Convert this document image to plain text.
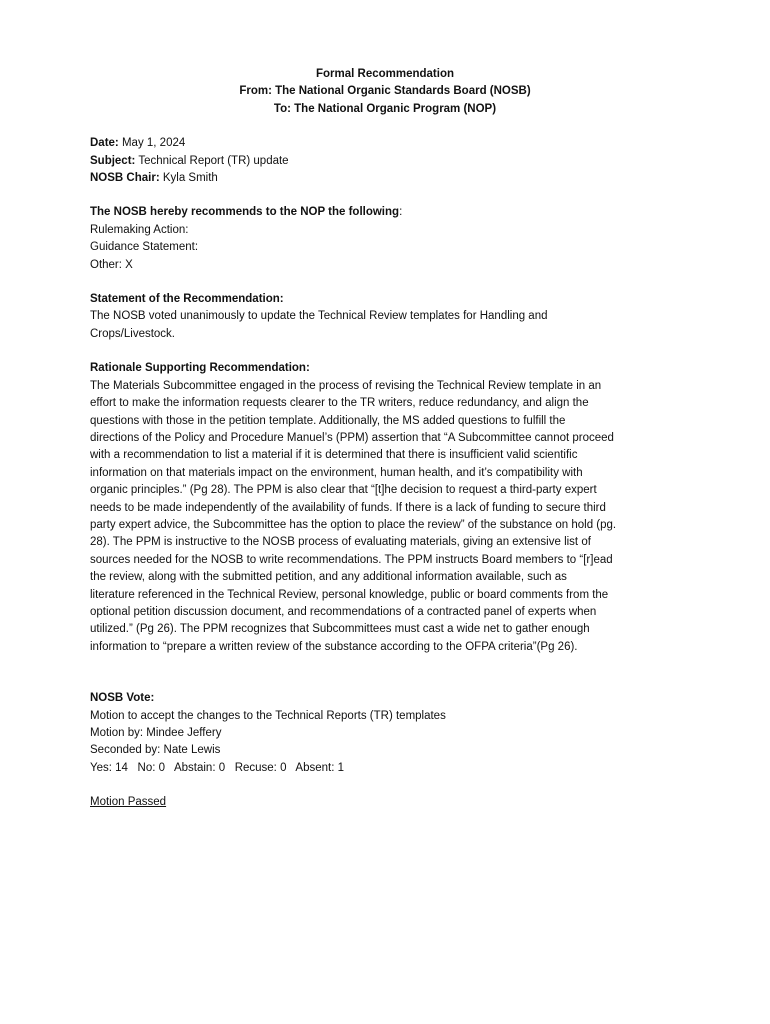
Formal Recommendation
From: The National Organic Standards Board (NOSB)
To: The National Organic Program (NOP)
Date: May 1, 2024
Subject: Technical Report (TR) update
NOSB Chair: Kyla Smith
The NOSB hereby recommends to the NOP the following:
Rulemaking Action:
Guidance Statement:
Other: X
Statement of the Recommendation:
The NOSB voted unanimously to update the Technical Review templates for Handling and
Crops/Livestock.
Rationale Supporting Recommendation:
The Materials Subcommittee engaged in the process of revising the Technical Review template in an
effort to make the information requests clearer to the TR writers, reduce redundancy, and align the
questions with those in the petition template. Additionally, the MS added questions to fulfill the
directions of the Policy and Procedure Manuel’s (PPM) assertion that “A Subcommittee cannot proceed
with a recommendation to list a material if it is determined that there is insufficient valid scientific
information on that materials impact on the environment, human health, and it’s compatibility with
organic principles.” (Pg 28). The PPM is also clear that “[t]he decision to request a third-party expert
needs to be made independently of the availability of funds. If there is a lack of funding to secure third
party expert advice, the Subcommittee has the option to place the review” of the substance on hold (pg.
28). The PPM is instructive to the NOSB process of evaluating materials, giving an extensive list of
sources needed for the NOSB to write recommendations. The PPM instructs Board members to “[r]ead
the review, along with the submitted petition, and any additional information available, such as
literature referenced in the Technical Review, personal knowledge, public or board comments from the
optional petition discussion document, and recommendations of a contracted panel of experts when
utilized.” (Pg 26). The PPM recognizes that Subcommittees must cast a wide net to gather enough
information to “prepare a written review of the substance according to the OFPA criteria”(Pg 26).
NOSB Vote:
Motion to accept the changes to the Technical Reports (TR) templates
Motion by: Mindee Jeffery
Seconded by: Nate Lewis
Yes: 14   No: 0   Abstain: 0   Recuse: 0   Absent: 1
Motion Passed
